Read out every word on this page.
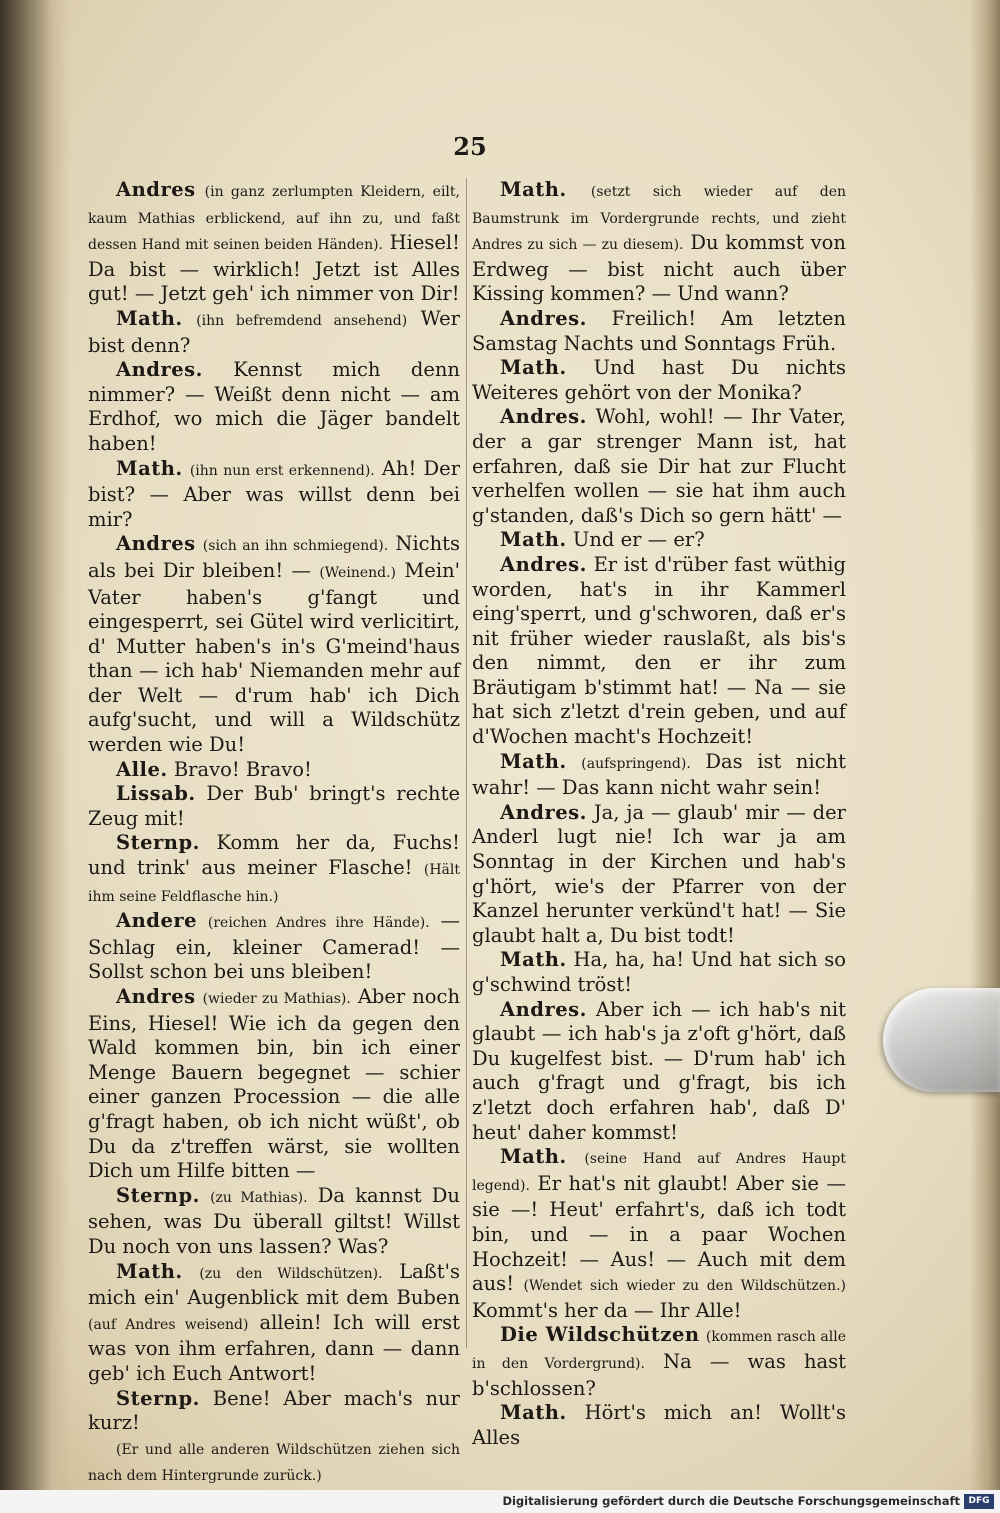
25

Andres (in ganz zerlumpten Kleidern, eilt, kaum Mathias erblickend, auf ihn zu, und faßt dessen Hand mit seinen beiden Händen). Hiesel! Da bist — wirklich! Jetzt ist Alles gut! — Jetzt geh' ich nimmer von Dir!

Math. (ihn befremdend ansehend) Wer bist denn?

Andres. Kennst mich denn nimmer? — Weißt denn nicht — am Erdhof, wo mich die Jäger bandelt haben!

Math. (ihn nun erst erkennend). Ah! Der bist? — Aber was willst denn bei mir?

Andres (sich an ihn schmiegend). Nichts als bei Dir bleiben! — (Weinend.) Mein' Vater haben's g'fangt und eingesperrt, sei Gütel wird verlicitirt, d' Mutter haben's in's G'meind'haus than — ich hab' Niemanden mehr auf der Welt — d'rum hab' ich Dich aufg'sucht, und will a Wildschütz werden wie Du!

Alle. Bravo! Bravo!

Lissab. Der Bub' bringt's rechte Zeug mit!

Sternp. Komm her da, Fuchs! und trink' aus meiner Flasche! (Hält ihm seine Feldflasche hin.)

Andere (reichen Andres ihre Hände). — Schlag ein, kleiner Camerad! — Sollst schon bei uns bleiben!

Andres (wieder zu Mathias). Aber noch Eins, Hiesel! Wie ich da gegen den Wald kommen bin, bin ich einer Menge Bauern begegnet — schier einer ganzen Procession — die alle g'fragt haben, ob ich nicht wüßt', ob Du da z'treffen wärst, sie wollten Dich um Hilfe bitten —

Sternp. (zu Mathias). Da kannst Du sehen, was Du überall giltst! Willst Du noch von uns lassen? Was?

Math. (zu den Wildschützen). Laßt's mich ein' Augenblick mit dem Buben (auf Andres weisend) allein! Ich will erst was von ihm erfahren, dann — dann geb' ich Euch Antwort!

Sternp. Bene! Aber mach's nur kurz!

(Er und alle anderen Wildschützen ziehen sich nach dem Hintergrunde zurück.)

Math. (setzt sich wieder auf den Baumstrunk im Vordergrunde rechts, und zieht Andres zu sich — zu diesem). Du kommst von Erdweg — bist nicht auch über Kissing kommen? — Und wann?

Andres. Freilich! Am letzten Samstag Nachts und Sonntags Früh.

Math. Und hast Du nichts Weiteres gehört von der Monika?

Andres. Wohl, wohl! — Ihr Vater, der a gar strenger Mann ist, hat erfahren, daß sie Dir hat zur Flucht verhelfen wollen — sie hat ihm auch g'standen, daß's Dich so gern hätt' —

Math. Und er — er?

Andres. Er ist d'rüber fast wüthig worden, hat's in ihr Kammerl eing'sperrt, und g'schworen, daß er's nit früher wieder rauslaßt, als bis's den nimmt, den er ihr zum Bräutigam b'stimmt hat! — Na — sie hat sich z'letzt d'rein geben, und auf d'Wochen macht's Hochzeit!

Math. (aufspringend). Das ist nicht wahr! — Das kann nicht wahr sein!

Andres. Ja, ja — glaub' mir — der Anderl lugt nie! Ich war ja am Sonntag in der Kirchen und hab's g'hört, wie's der Pfarrer von der Kanzel herunter verkünd't hat! — Sie glaubt halt a, Du bist todt!

Math. Ha, ha, ha! Und hat sich so g'schwind tröst!

Andres. Aber ich — ich hab's nit glaubt — ich hab's ja z'oft g'hört, daß Du kugelfest bist. — D'rum hab' ich auch g'fragt und g'fragt, bis ich z'letzt doch erfahren hab', daß D' heut' daher kommst!

Math. (seine Hand auf Andres Haupt legend). Er hat's nit glaubt! Aber sie — sie —! Heut' erfahrt's, daß ich todt bin, und — in a paar Wochen Hochzeit! — Aus! — Auch mit dem aus! (Wendet sich wieder zu den Wildschützen.) Kommt's her da — Ihr Alle!

Die Wildschützen (kommen rasch alle in den Vordergrund). Na — was hast b'schlossen?

Math. Hört's mich an! Wollt's Alles

Digitalisierung gefördert durch die Deutsche Forschungsgemeinschaft DFG
